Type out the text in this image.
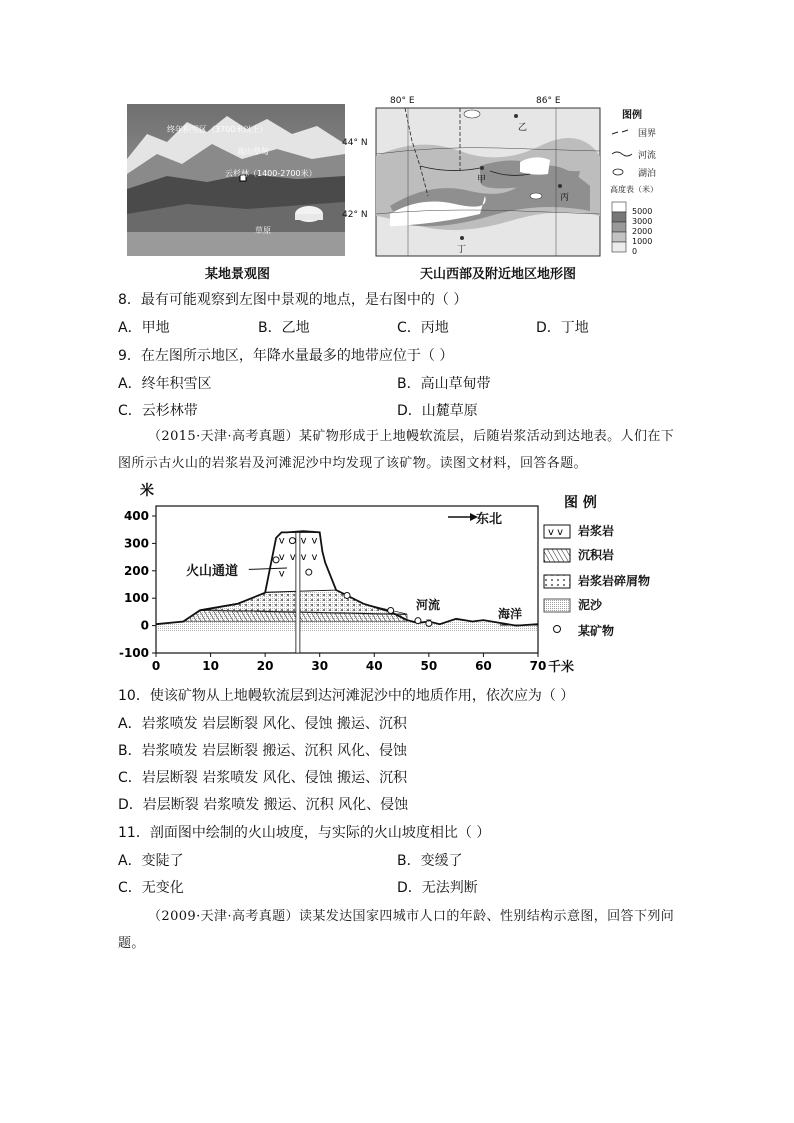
终年积雪区（3700米以上）
高山草甸
云杉林（1400-2700米）
草原
某地景观图
80° E	86° E
44° N
42° N
乙
甲
丙
丁
图例
国界
河流
湖泊
高度表（米）
5000
3000
2000
1000
0
天山西部及附近地区地形图
8．最有可能观察到左图中景观的地点，是右图中的（ ）
A．甲地	B．乙地	C．丙地	D．丁地
9．在左图所示地区，年降水量最多的地带应位于（ ）
A．终年积雪区	B．高山草甸带
C．云杉林带	D．山麓草原
（2015·天津·高考真题）某矿物形成于上地幔软流层，后随岩浆活动到达地表。人们在下图所示古火山的岩浆岩及河滩泥沙中均发现了该矿物。读图文材料，回答各题。
0	10	20	30	40	50	60	70
400
300
200
100
0
-100
v v v
v v v v
v
v v
米
千米
东北
火山通道
河流
海洋
图 例
岩浆岩
沉积岩
岩浆岩碎屑物
泥沙
某矿物
10．使该矿物从上地幔软流层到达河滩泥沙中的地质作用，依次应为（ ）
A．岩浆喷发 岩层断裂 风化、侵蚀 搬运、沉积
B．岩浆喷发 岩层断裂 搬运、沉积 风化、侵蚀
C．岩层断裂 岩浆喷发 风化、侵蚀 搬运、沉积
D．岩层断裂 岩浆喷发 搬运、沉积 风化、侵蚀
11．剖面图中绘制的火山坡度，与实际的火山坡度相比（ ）
A．变陡了	B．变缓了
C．无变化	D．无法判断
（2009·天津·高考真题）读某发达国家四城市人口的年龄、性别结构示意图，回答下列问题。
